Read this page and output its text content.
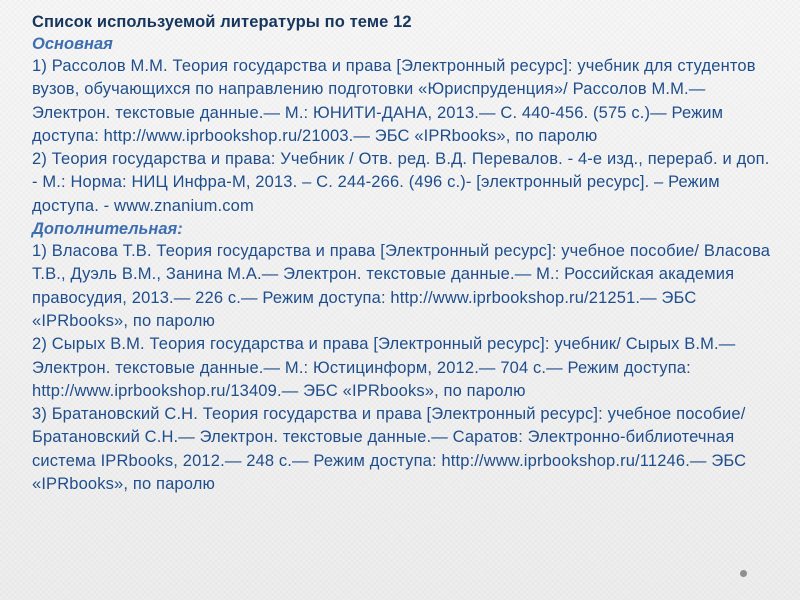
Список используемой литературы по теме 12

Основная

1) Рассолов М.М. Теория государства и права [Электронный ресурс]: учебник для студентов вузов, обучающихся по направлению подготовки «Юриспруденция»/ Рассолов М.М.— Электрон. текстовые данные.— М.: ЮНИТИ-ДАНА, 2013.— С. 440-456. (575 с.)— Режим доступа: http://www.iprbookshop.ru/21003.— ЭБС «IPRbooks», по паролю

2) Теория государства и права: Учебник / Отв. ред. В.Д. Перевалов. - 4-е изд., перераб. и доп. - М.: Норма: НИЦ Инфра-М, 2013. – С. 244-266. (496 с.)- [электронный ресурс]. – Режим доступа. - www.znanium.com

Дополнительная:

1) Власова Т.В. Теория государства и права [Электронный ресурс]: учебное пособие/ Власова Т.В., Дуэль В.М., Занина М.А.— Электрон. текстовые данные.— М.: Российская академия правосудия, 2013.— 226 с.— Режим доступа: http://www.iprbookshop.ru/21251.— ЭБС «IPRbooks», по паролю

2) Сырых В.М. Теория государства и права [Электронный ресурс]: учебник/ Сырых В.М.— Электрон. текстовые данные.— М.: Юстицинформ, 2012.— 704 с.— Режим доступа: http://www.iprbookshop.ru/13409.— ЭБС «IPRbooks», по паролю

3) Братановский С.Н. Теория государства и права [Электронный ресурс]: учебное пособие/ Братановский С.Н.— Электрон. текстовые данные.— Саратов: Электронно-библиотечная система IPRbooks, 2012.— 248 с.— Режим доступа: http://www.iprbookshop.ru/11246.— ЭБС «IPRbooks», по паролю
